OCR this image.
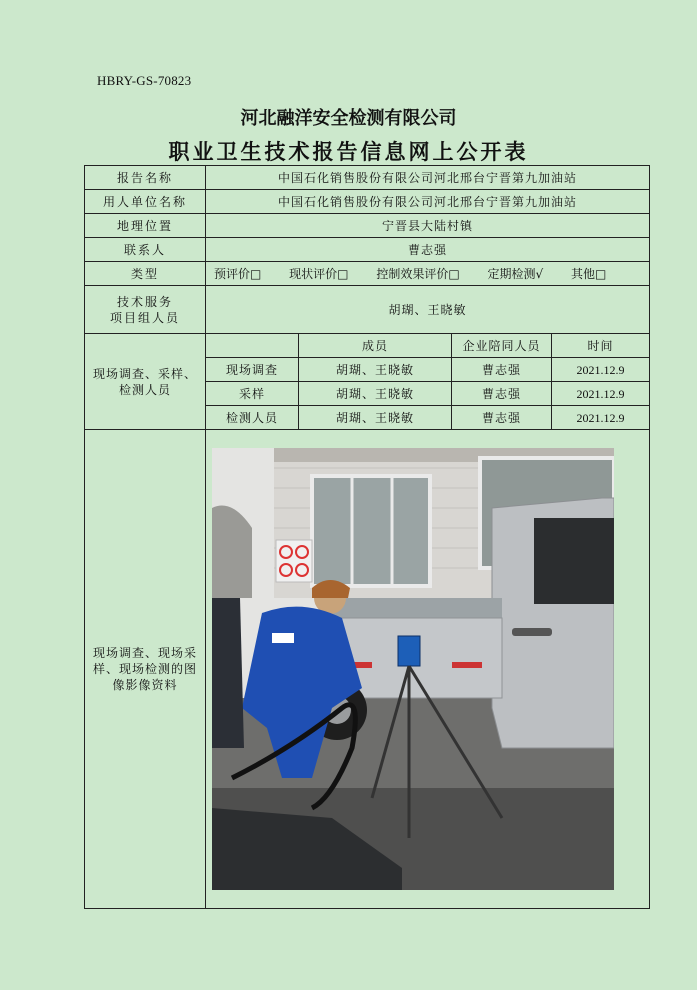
HBRY-GS-70823
河北融洋安全检测有限公司
职业卫生技术报告信息网上公开表
报告名称	中国石化销售股份有限公司河北邢台宁晋第九加油站			
用人单位名称	中国石化销售股份有限公司河北邢台宁晋第九加油站			
地理位置	宁晋县大陆村镇			
联系人	曹志强			
类型	预评价□ 现状评价□ 控制效果评价□ 定期检测√ 其他□			

技术服务
项目组人员	胡瑚、王晓敏			

现场调查、采样、
检测人员		成员	企业陪同人员	时间
	现场调查	胡瑚、王晓敏	曹志强	2021.12.9
	采样	胡瑚、王晓敏	曹志强	2021.12.9
	检测人员	胡瑚、王晓敏	曹志强	2021.12.9

现场调查、现场采
样、现场检测的图
像影像资料
